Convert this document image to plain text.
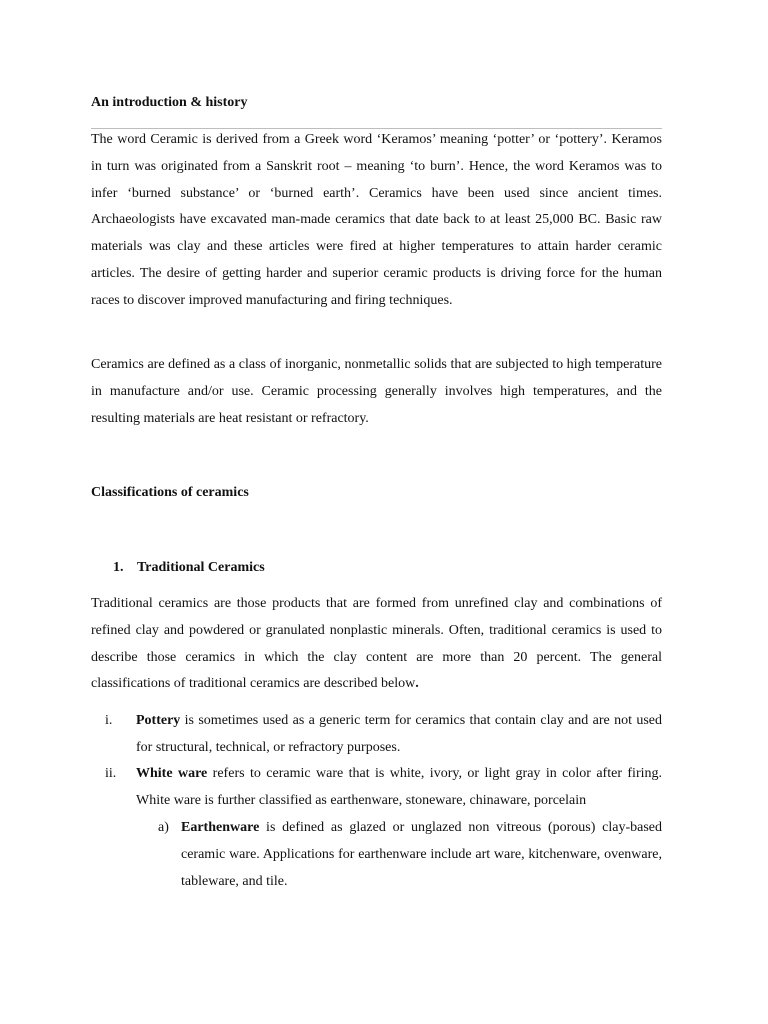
An introduction & history

The word Ceramic is derived from a Greek word ‘Keramos’ meaning ‘potter’ or ‘pottery’. Keramos in turn was originated from a Sanskrit root – meaning ‘to burn’. Hence, the word Keramos was to infer ‘burned substance’ or ‘burned earth’. Ceramics have been used since ancient times. Archaeologists have excavated man-made ceramics that date back to at least 25,000 BC. Basic raw materials was clay and these articles were fired at higher temperatures to attain harder ceramic articles. The desire of getting harder and superior ceramic products is driving force for the human races to discover improved manufacturing and firing techniques.

Ceramics are defined as a class of inorganic, nonmetallic solids that are subjected to high temperature in manufacture and/or use. Ceramic processing generally involves high temperatures, and the resulting materials are heat resistant or refractory.

Classifications of ceramics
1. Traditional Ceramics

Traditional ceramics are those products that are formed from unrefined clay and combinations of refined clay and powdered or granulated nonplastic minerals. Often, traditional ceramics is used to describe those ceramics in which the clay content are more than 20 percent. The general classifications of traditional ceramics are described below.

i.	Pottery is sometimes used as a generic term for ceramics that contain clay and are not used for structural, technical, or refractory purposes.
ii.	White ware refers to ceramic ware that is white, ivory, or light gray in color after firing. White ware is further classified as earthenware, stoneware, chinaware, porcelain
a) Earthenware is defined as glazed or unglazed non vitreous (porous) clay-based ceramic ware. Applications for earthenware include art ware, kitchenware, ovenware, tableware, and tile.
